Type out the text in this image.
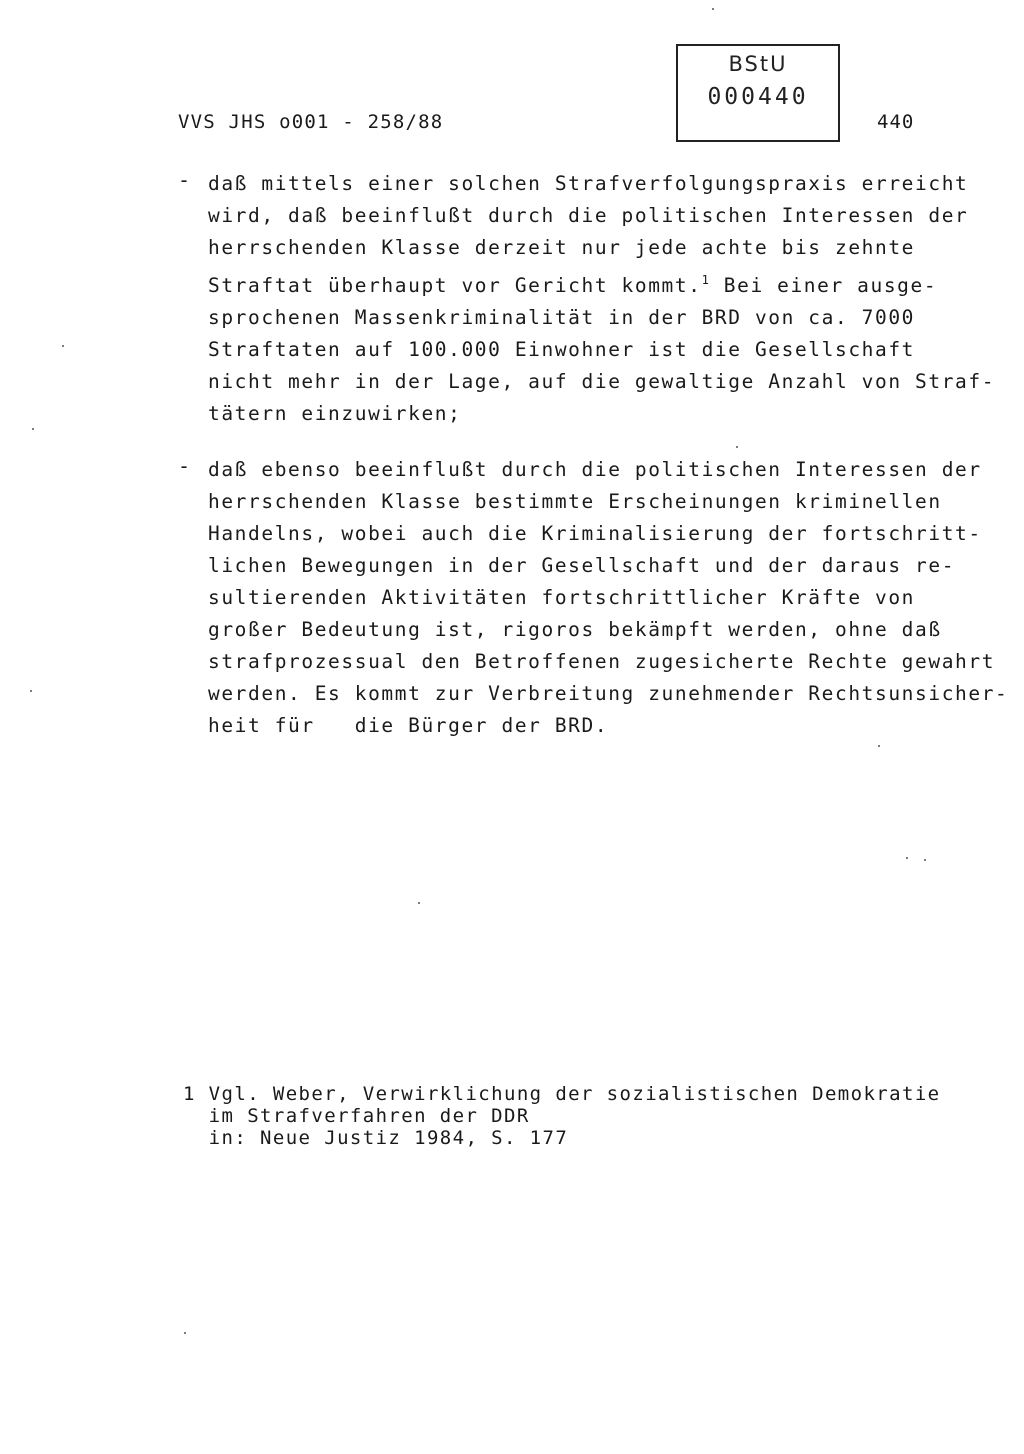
VVS JHS o001 - 258/88	440
BStU
000440
- daß mittels einer solchen Strafverfolgungspraxis erreicht
wird, daß beeinflußt durch die politischen Interessen der
herrschenden Klasse derzeit nur jede achte bis zehnte
Straftat überhaupt vor Gericht kommt.$^1$ Bei einer ausge-
sprochenen Massenkriminalität in der BRD von ca. 7000
Straftaten auf 100.000 Einwohner ist die Gesellschaft
nicht mehr in der Lage, auf die gewaltige Anzahl von Straf-
tätern einzuwirken;
- daß ebenso beeinflußt durch die politischen Interessen der
herrschenden Klasse bestimmte Erscheinungen kriminellen
Handelns, wobei auch die Kriminalisierung der fortschritt-
lichen Bewegungen in der Gesellschaft und der daraus re-
sultierenden Aktivitäten fortschrittlicher Kräfte von
großer Bedeutung ist, rigoros bekämpft werden, ohne daß
strafprozessual den Betroffenen zugesicherte Rechte gewahrt
werden. Es kommt zur Verbreitung zunehmender Rechtsunsicher-
heit für   die Bürger der BRD.
1 Vgl. Weber, Verwirklichung der sozialistischen Demokratie
im Strafverfahren der DDR
in: Neue Justiz 1984, S. 177
